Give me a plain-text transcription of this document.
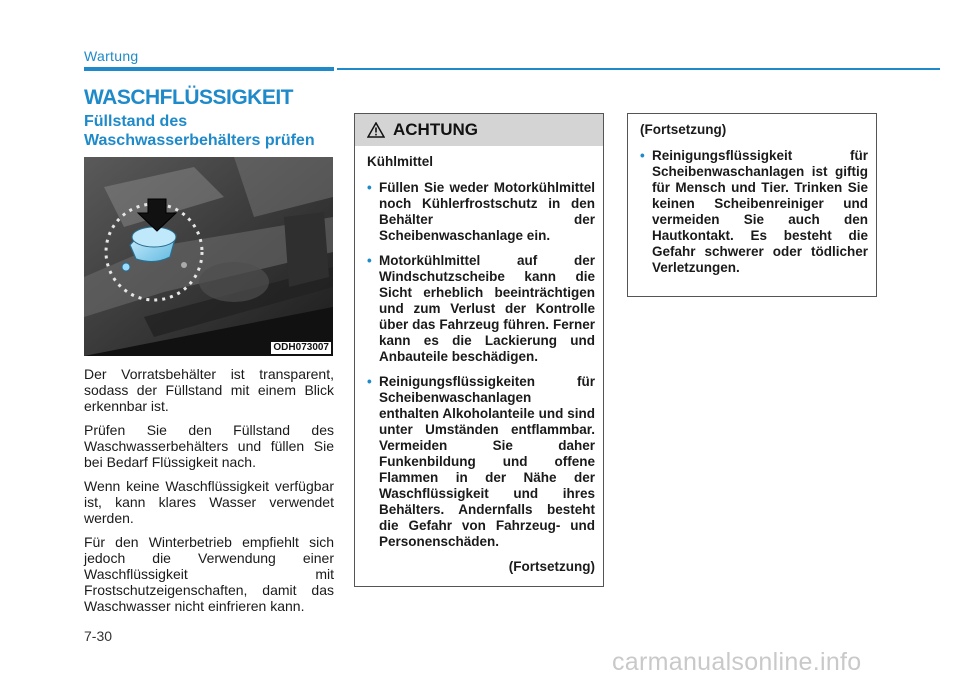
Wartung
WASCHFLÜSSIGKEIT
Füllstand des
Waschwasserbehälters prüfen
ODH073007

Der Vorratsbehälter ist transparent, sodass der Füllstand mit einem Blick erkennbar ist.

Prüfen Sie den Füllstand des Waschwasserbehälters und füllen Sie bei Bedarf Flüssigkeit nach.

Wenn keine Waschflüssigkeit verfügbar ist, kann klares Wasser verwendet werden.

Für den Winterbetrieb empfiehlt sich jedoch die Verwendung einer Waschflüssigkeit mit Frostschutzeigenschaften, damit das Waschwasser nicht einfrieren kann.

ACHTUNG

Kühlmittel

• Füllen Sie weder Motorkühlmittel noch Kühlerfrostschutz in den Behälter der Scheibenwaschanlage ein.
• Motorkühlmittel auf der Windschutzscheibe kann die Sicht erheblich beeinträchtigen und zum Verlust der Kontrolle über das Fahrzeug führen. Ferner kann es die Lackierung und Anbauteile beschädigen.
• Reinigungsflüssigkeiten für Scheibenwaschanlagen enthalten Alkoholanteile und sind unter Umständen entflammbar. Vermeiden Sie daher Funkenbildung und offene Flammen in der Nähe der Waschflüssigkeit und ihres Behälters. Andernfalls besteht die Gefahr von Fahrzeug- und Personenschäden.
(Fortsetzung)

(Fortsetzung)

• Reinigungsflüssigkeit für Scheibenwaschanlagen ist giftig für Mensch und Tier. Trinken Sie keinen Scheibenreiniger und vermeiden Sie auch den Hautkontakt. Es besteht die Gefahr schwerer oder tödlicher Verletzungen.
7-30
carmanualsonline.info
